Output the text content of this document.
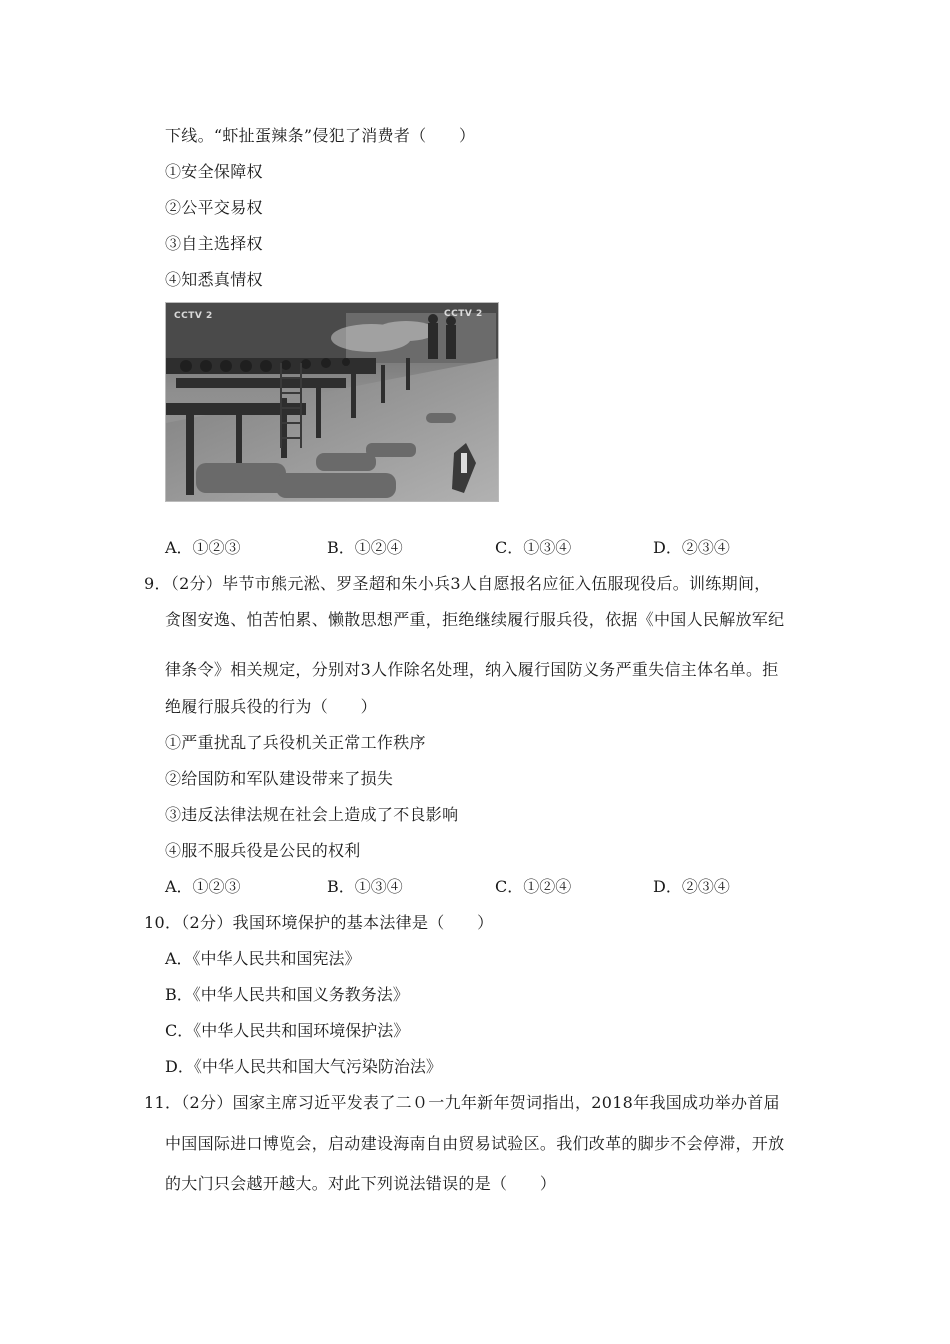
下线。“虾扯蛋辣条”侵犯了消费者（　　）
①安全保障权
②公平交易权
③自主选择权
④知悉真情权
CCTV 2	CCTV 2
A．①②③	B．①②④	C．①③④	D．②③④
9．（2分）毕节市熊元淞、罗圣超和朱小兵3人自愿报名应征入伍服现役后。训练期间，
贪图安逸、怕苦怕累、懒散思想严重，拒绝继续履行服兵役，依据《中国人民解放军纪
律条令》相关规定，分别对3人作除名处理，纳入履行国防义务严重失信主体名单。拒
绝履行服兵役的行为（　　）
①严重扰乱了兵役机关正常工作秩序
②给国防和军队建设带来了损失
③违反法律法规在社会上造成了不良影响
④服不服兵役是公民的权利
A．①②③	B．①③④	C．①②④	D．②③④
10．（2分）我国环境保护的基本法律是（　　）
A．《中华人民共和国宪法》
B．《中华人民共和国义务教务法》
C．《中华人民共和国环境保护法》
D．《中华人民共和国大气污染防治法》
11．（2分）国家主席习近平发表了二０一九年新年贺词指出，2018年我国成功举办首届
中国国际进口博览会，启动建设海南自由贸易试验区。我们改革的脚步不会停滞，开放
的大门只会越开越大。对此下列说法错误的是（　　）
